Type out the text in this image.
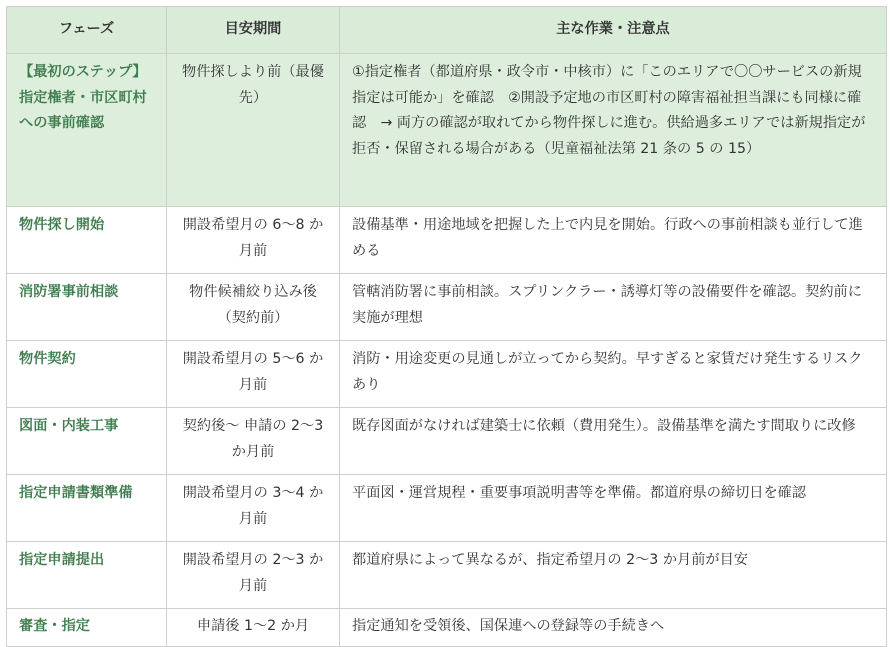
フェーズ	目安期間	主な作業・注意点
【最初のステップ】指定権者・市区町村への事前確認	物件探しより前（最優先）	①指定権者（都道府県・政令市・中核市）に「このエリアで〇〇サービスの新規指定は可能か」を確認　②開設予定地の市区町村の障害福祉担当課にも同様に確認　→ 両方の確認が取れてから物件探しに進む。供給過多エリアでは新規指定が拒否・保留される場合がある（児童福祉法第 21 条の 5 の 15）
物件探し開始	開設希望月の 6〜8 か月前	設備基準・用途地域を把握した上で内見を開始。行政への事前相談も並行して進める
消防署事前相談	物件候補絞り込み後（契約前）	管轄消防署に事前相談。スプリンクラー・誘導灯等の設備要件を確認。契約前に実施が理想
物件契約	開設希望月の 5〜6 か月前	消防・用途変更の見通しが立ってから契約。早すぎると家賃だけ発生するリスクあり
図面・内装工事	契約後〜 申請の 2〜3 か月前	既存図面がなければ建築士に依頼（費用発生）。設備基準を満たす間取りに改修
指定申請書類準備	開設希望月の 3〜4 か月前	平面図・運営規程・重要事項説明書等を準備。都道府県の締切日を確認
指定申請提出	開設希望月の 2〜3 か月前	都道府県によって異なるが、指定希望月の 2〜3 か月前が目安
審査・指定	申請後 1〜2 か月	指定通知を受領後、国保連への登録等の手続きへ
